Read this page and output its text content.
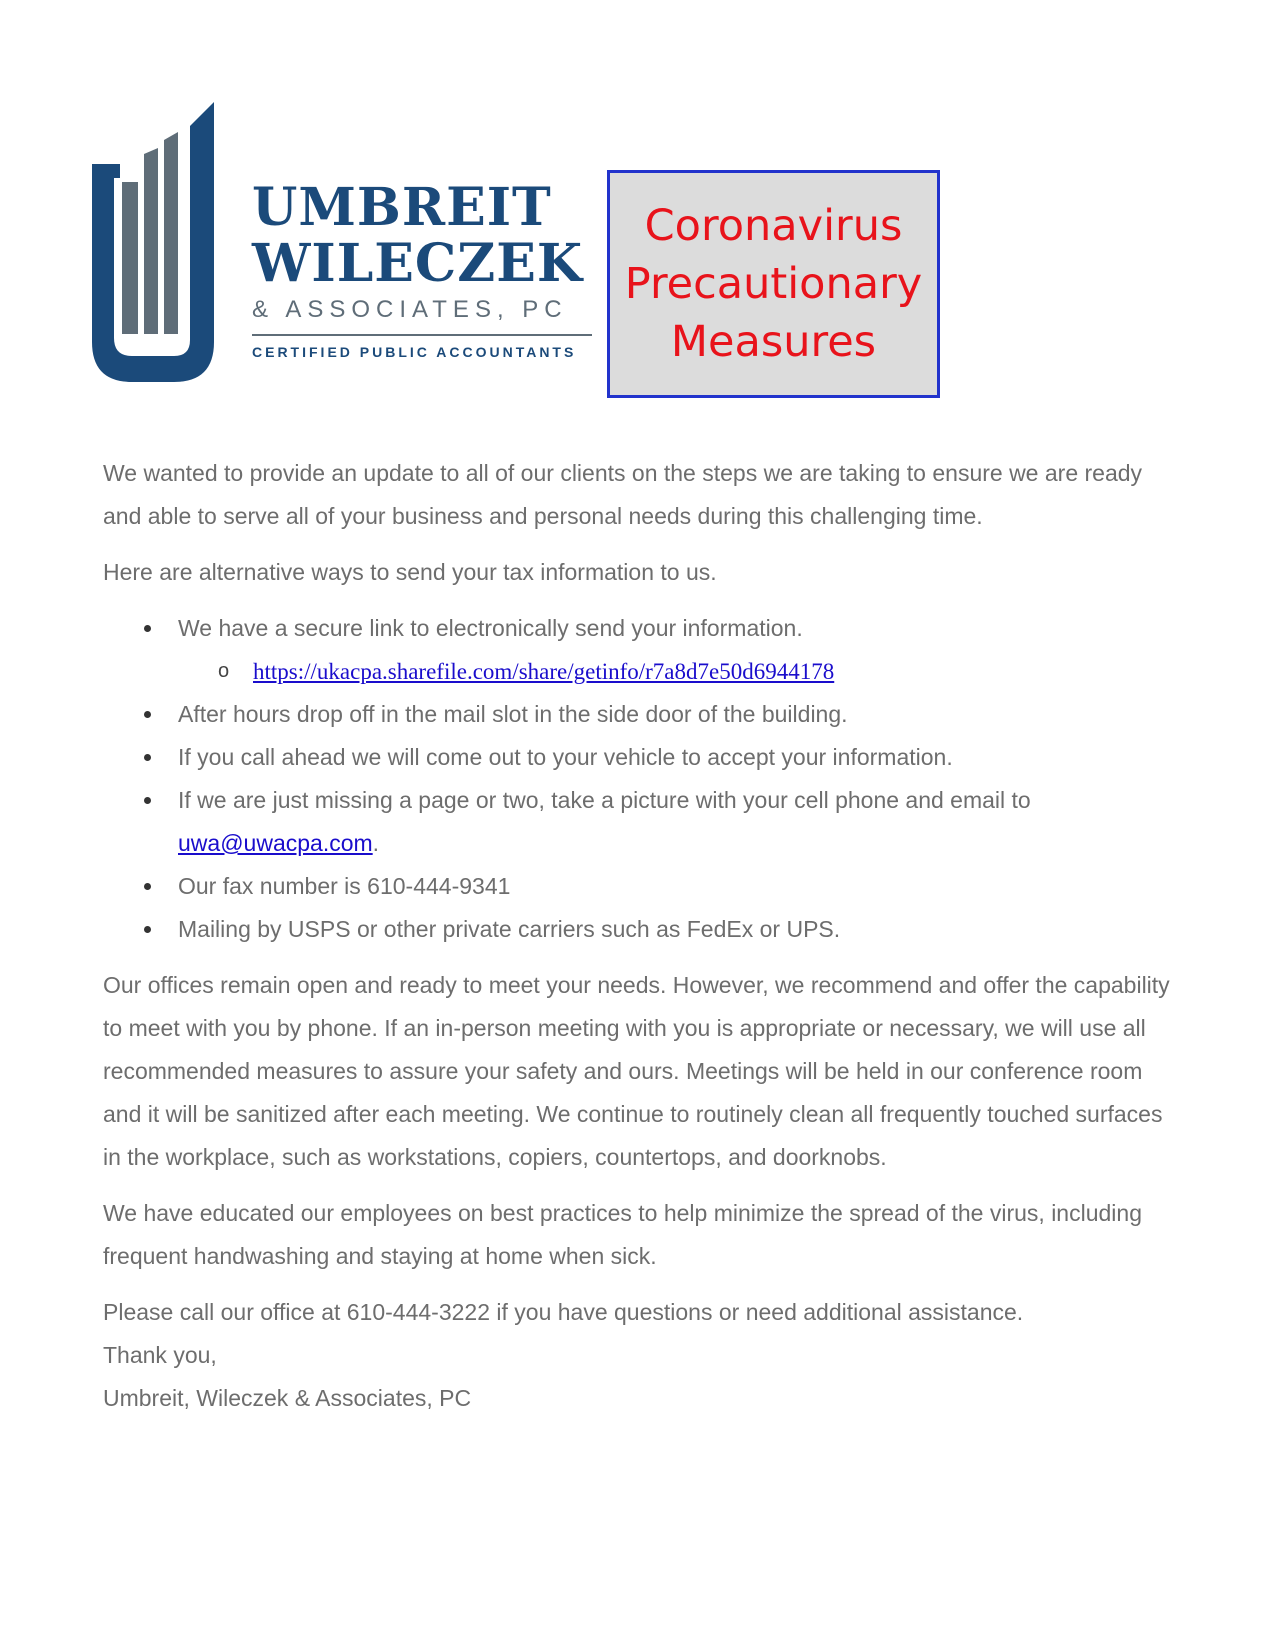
UMBREIT
WILECZEK
& ASSOCIATES, PC
CERTIFIED PUBLIC ACCOUNTANTS
Coronavirus
Precautionary
Measures

We wanted to provide an update to all of our clients on the steps we are taking to ensure we are ready and able to serve all of your business and personal needs during this challenging time.

Here are alternative ways to send your tax information to us.

We have a secure link to electronically send your information.
o https://ukacpa.sharefile.com/share/getinfo/r7a8d7e50d6944178
After hours drop off in the mail slot in the side door of the building.
If you call ahead we will come out to your vehicle to accept your information.
If we are just missing a page or two, take a picture with your cell phone and email to
uwa@uwacpa.com.
Our fax number is 610-444-9341
Mailing by USPS or other private carriers such as FedEx or UPS.

Our offices remain open and ready to meet your needs. However, we recommend and offer the capability to meet with you by phone. If an in-person meeting with you is appropriate or necessary, we will use all recommended measures to assure your safety and ours. Meetings will be held in our conference room and it will be sanitized after each meeting. We continue to routinely clean all frequently touched surfaces in the workplace, such as workstations, copiers, countertops, and doorknobs.

We have educated our employees on best practices to help minimize the spread of the virus, including frequent handwashing and staying at home when sick.

Please call our office at 610-444-3222 if you have questions or need additional assistance.
Thank you,
Umbreit, Wileczek & Associates, PC
